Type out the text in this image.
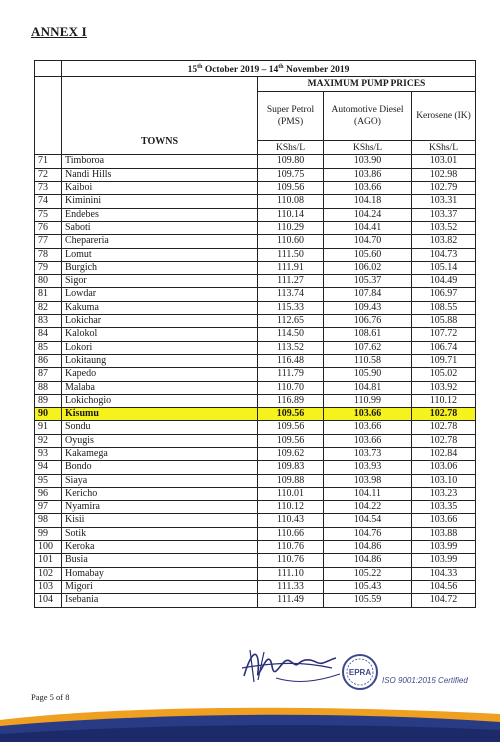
ANNEX I
	15th October 2019 – 14th November 2019			
	TOWNS	MAXIMUM PUMP PRICES		
		Super Petrol (PMS)	Automotive Diesel (AGO)	Kerosene (IK)
		KShs/L	KShs/L	KShs/L
71	Timboroa	109.80	103.90	103.01
72	Nandi Hills	109.75	103.86	102.98
73	Kaiboi	109.56	103.66	102.79
74	Kiminini	110.08	104.18	103.31
75	Endebes	110.14	104.24	103.37
76	Saboti	110.29	104.41	103.52
77	Chepareria	110.60	104.70	103.82
78	Lomut	111.50	105.60	104.73
79	Burgich	111.91	106.02	105.14
80	Sigor	111.27	105.37	104.49
81	Lowdar	113.74	107.84	106.97
82	Kakuma	115.33	109.43	108.55
83	Lokichar	112.65	106.76	105.88
84	Kalokol	114.50	108.61	107.72
85	Lokori	113.52	107.62	106.74
86	Lokitaung	116.48	110.58	109.71
87	Kapedo	111.79	105.90	105.02
88	Malaba	110.70	104.81	103.92
89	Lokichogio	116.89	110.99	110.12
90	Kisumu	109.56	103.66	102.78
91	Sondu	109.56	103.66	102.78
92	Oyugis	109.56	103.66	102.78
93	Kakamega	109.62	103.73	102.84
94	Bondo	109.83	103.93	103.06
95	Siaya	109.88	103.98	103.10
96	Kericho	110.01	104.11	103.23
97	Nyamira	110.12	104.22	103.35
98	Kisii	110.43	104.54	103.66
99	Sotik	110.66	104.76	103.88
100	Keroka	110.76	104.86	103.99
101	Busia	110.76	104.86	103.99
102	Homabay	111.10	105.22	104.33
103	Migori	111.33	105.43	104.56
104	Isebania	111.49	105.59	104.72
EPRA
ISO 9001:2015 Certified
Page 5 of 8
